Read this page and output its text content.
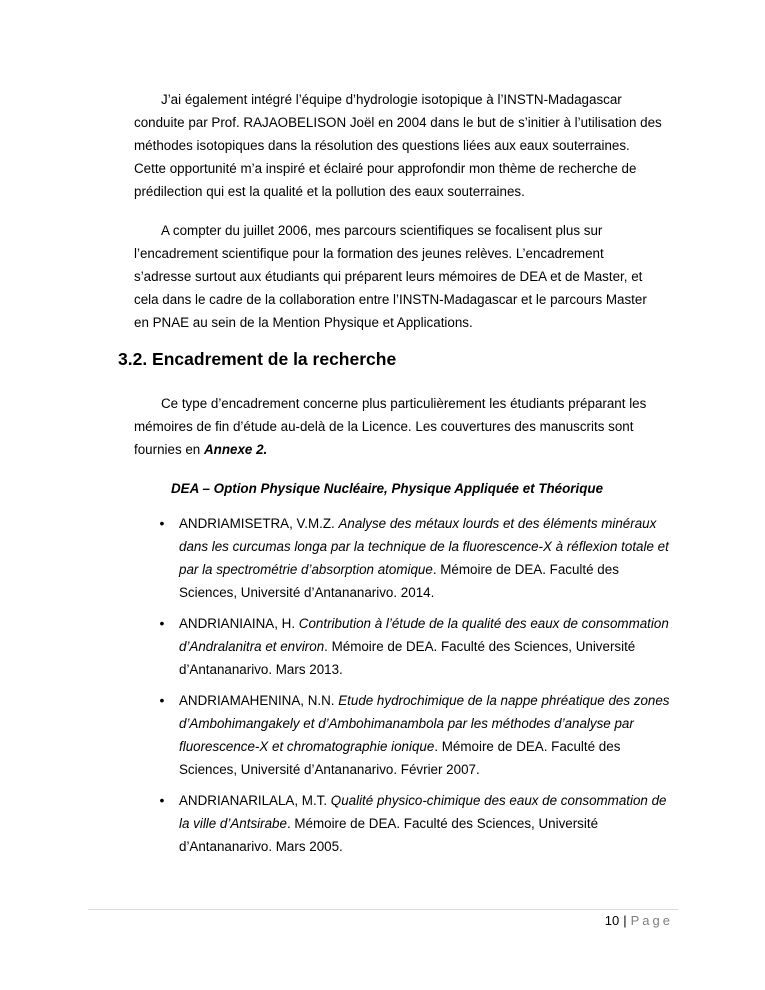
J’ai également intégré l’équipe d’hydrologie isotopique à l’INSTN-Madagascar
conduite par Prof. RAJAOBELISON Joël en 2004 dans le but de s’initier à l’utilisation des
méthodes isotopiques dans la résolution des questions liées aux eaux souterraines.
Cette opportunité m’a inspiré et éclairé pour approfondir mon thème de recherche de
prédilection qui est la qualité et la pollution des eaux souterraines.
A compter du juillet 2006, mes parcours scientifiques se focalisent plus sur
l’encadrement scientifique pour la formation des jeunes relèves. L’encadrement
s’adresse surtout aux étudiants qui préparent leurs mémoires de DEA et de Master, et
cela dans le cadre de la collaboration entre l’INSTN-Madagascar et le parcours Master
en PNAE au sein de la Mention Physique et Applications.
3.2. Encadrement de la recherche
Ce type d’encadrement concerne plus particulièrement les étudiants préparant les
mémoires de fin d’étude au-delà de la Licence. Les couvertures des manuscrits sont
fournies en Annexe 2.
DEA – Option Physique Nucléaire, Physique Appliquée et Théorique
• ANDRIAMISETRA, V.M.Z. Analyse des métaux lourds et des éléments minéraux dans les curcumas longa par la technique de la fluorescence-X à réflexion totale et par la spectrométrie d’absorption atomique. Mémoire de DEA. Faculté des Sciences, Université d’Antananarivo. 2014.
• ANDRIANIAINA, H. Contribution à l’étude de la qualité des eaux de consommation d’Andralanitra et environ. Mémoire de DEA. Faculté des Sciences, Université d’Antananarivo. Mars 2013.
• ANDRIAMAHENINA, N.N. Etude hydrochimique de la nappe phréatique des zones d’Ambohimangakely et d’Ambohimanambola par les méthodes d’analyse par fluorescence-X et chromatographie ionique. Mémoire de DEA. Faculté des Sciences, Université d’Antananarivo. Février 2007.
• ANDRIANARILALA, M.T. Qualité physico-chimique des eaux de consommation de la ville d’Antsirabe. Mémoire de DEA. Faculté des Sciences, Université d’Antananarivo. Mars 2005.
10 | Page
